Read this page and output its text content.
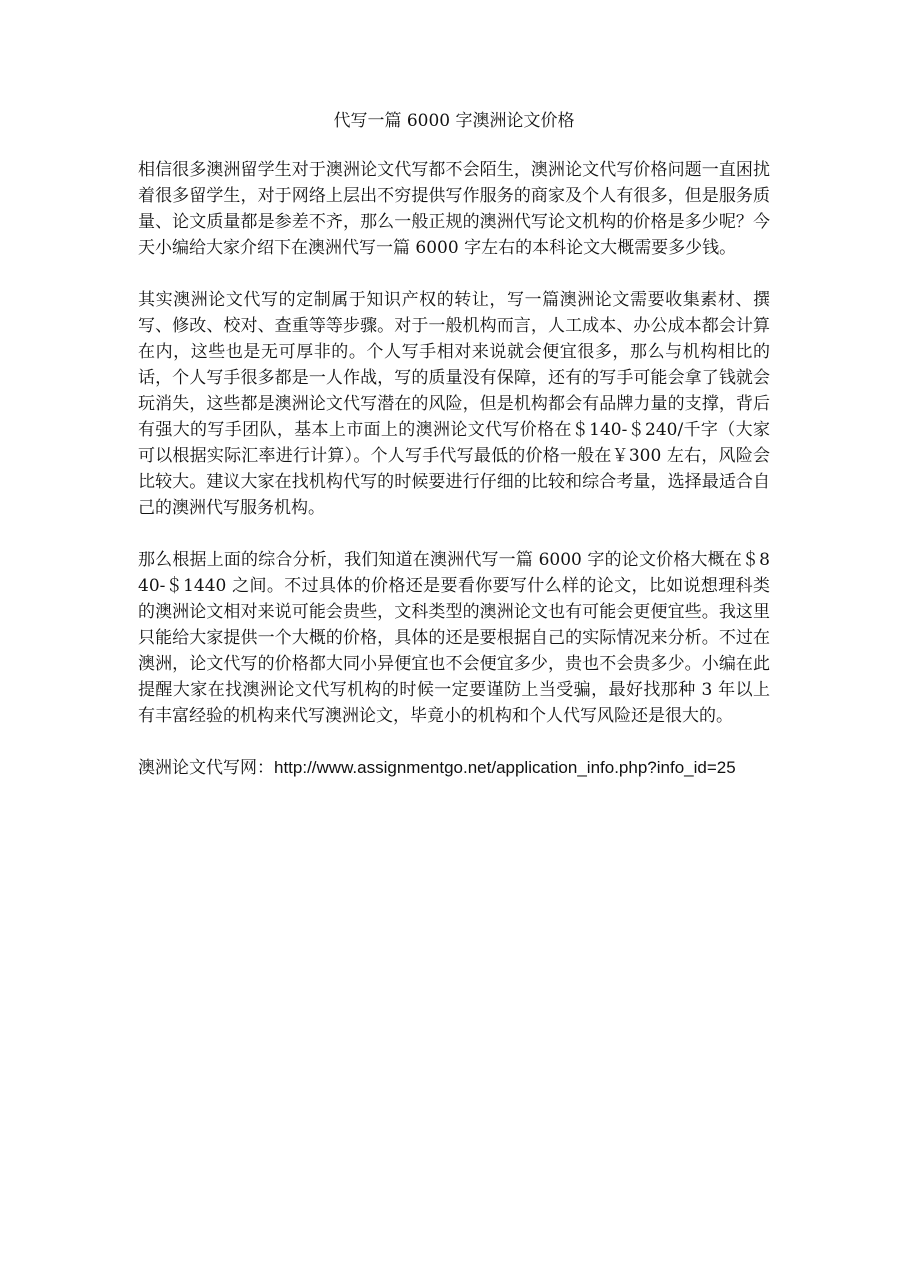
代写一篇 6000 字澳洲论文价格

相信很多澳洲留学生对于澳洲论文代写都不会陌生，澳洲论文代写价格问题一直困扰着很多留学生，对于网络上层出不穷提供写作服务的商家及个人有很多，但是服务质量、论文质量都是参差不齐，那么一般正规的澳洲代写论文机构的价格是多少呢？今天小编给大家介绍下在澳洲代写一篇 6000 字左右的本科论文大概需要多少钱。

其实澳洲论文代写的定制属于知识产权的转让，写一篇澳洲论文需要收集素材、撰写、修改、校对、查重等等步骤。对于一般机构而言，人工成本、办公成本都会计算在内，这些也是无可厚非的。个人写手相对来说就会便宜很多，那么与机构相比的话，个人写手很多都是一人作战，写的质量没有保障，还有的写手可能会拿了钱就会玩消失，这些都是澳洲论文代写潜在的风险，但是机构都会有品牌力量的支撑，背后有强大的写手团队，基本上市面上的澳洲论文代写价格在＄140-＄240/千字（大家可以根据实际汇率进行计算）。个人写手代写最低的价格一般在￥300 左右，风险会比较大。建议大家在找机构代写的时候要进行仔细的比较和综合考量，选择最适合自己的澳洲代写服务机构。

那么根据上面的综合分析，我们知道在澳洲代写一篇 6000 字的论文价格大概在＄840-＄1440 之间。不过具体的价格还是要看你要写什么样的论文，比如说想理科类的澳洲论文相对来说可能会贵些，文科类型的澳洲论文也有可能会更便宜些。我这里只能给大家提供一个大概的价格，具体的还是要根据自己的实际情况来分析。不过在澳洲，论文代写的价格都大同小异便宜也不会便宜多少，贵也不会贵多少。小编在此提醒大家在找澳洲论文代写机构的时候一定要谨防上当受骗，最好找那种 3 年以上有丰富经验的机构来代写澳洲论文，毕竟小的机构和个人代写风险还是很大的。

澳洲论文代写网：http://www.assignmentgo.net/application_info.php?info_id=25
